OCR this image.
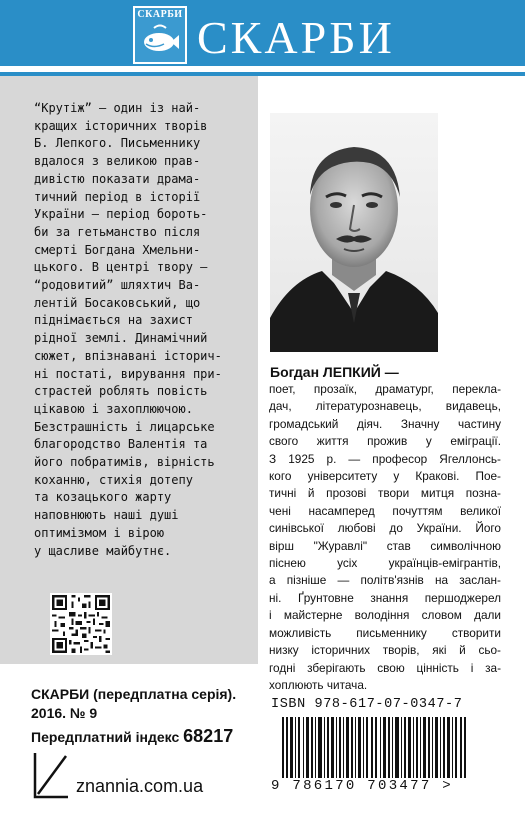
СКАРБИ СКАРБИ
“Крутіж” — один із най-
кращих історичних творів
Б. Лепкого. Письменнику
вдалося з великою прав-
дивістю показати драма-
тичний період в історії
України — період бороть-
би за гетьманство після
смерті Богдана Хмельни-
цького. В центрі твору —
“родовитий” шляхтич Ва-
лентій Босаковський, що
піднімається на захист
рідної землі. Динамічний
сюжет, впізнавані історич-
ні постаті, вирування при-
страстей роблять повість
цікавою і захоплюючою.
Безстрашність і лицарське
благородство Валентія та
його побратимів, вірність
коханню, стихія дотепу
та козацького жарту
наповнюють наші душі
оптимізмом і вірою
у щасливе майбутнє.
СКАРБИ (передплатна серія).
2016. № 9
Передплатний індекс 68217
znannia.com.ua
Богдан ЛЕПКИЙ —
поет, прозаїк, драматург, перекла-
дач, літературознавець, видавець,
громадський діяч. Значну частину
свого життя прожив у еміграції.
З 1925 р. — професор Ягеллонсь-
кого університету у Кракові. Пое-
тичні й прозові твори митця позна-
чені насамперед почуттям великої
синівської любові до України. Його
вірш "Журавлі" став символічною
піснею усіх українців-емігрантів,
а пізніше — політв'язнів на заслан-
ні. Ґрунтовне знання першоджерел
і майстерне володіння словом дали
можливість письменнику створити
низку історичних творів, які й сьо-
годні зберігають свою цінність і за-
хоплюють читача.
ISBN 978-617-07-0347-7
9 786170 703477 >
